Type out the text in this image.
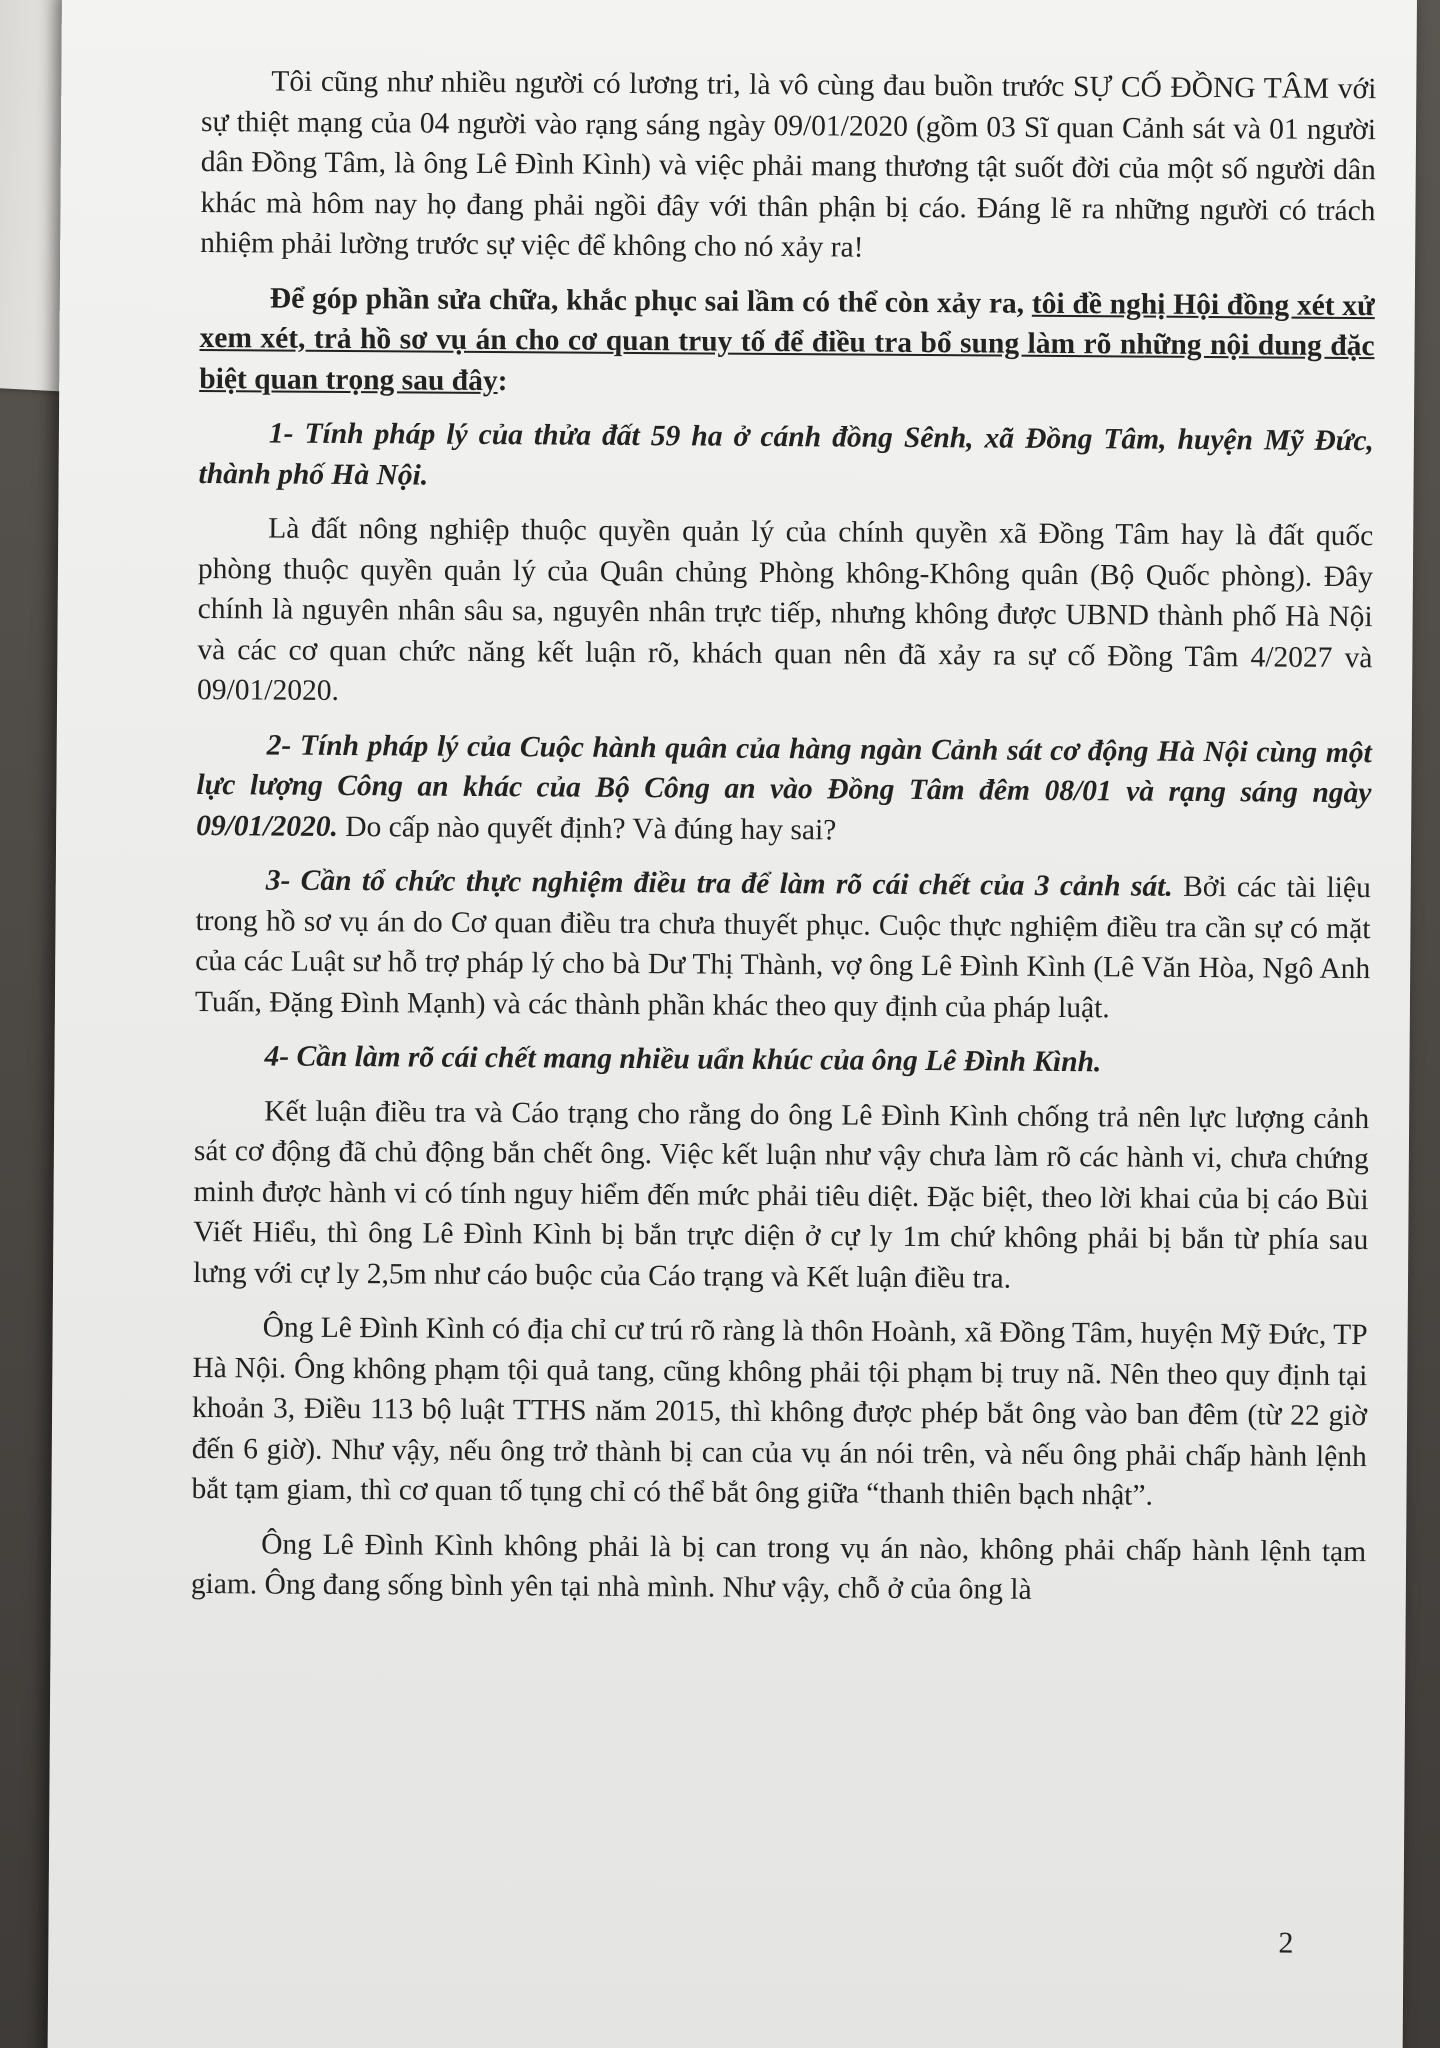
Tôi cũng như nhiều người có lương tri, là vô cùng đau buồn trước SỰ CỐ ĐỒNG TÂM với sự thiệt mạng của 04 người vào rạng sáng ngày 09/01/2020 (gồm 03 Sĩ quan Cảnh sát và 01 người dân Đồng Tâm, là ông Lê Đình Kình) và việc phải mang thương tật suốt đời của một số người dân khác mà hôm nay họ đang phải ngồi đây với thân phận bị cáo. Đáng lẽ ra những người có trách nhiệm phải lường trước sự việc để không cho nó xảy ra!

Để góp phần sửa chữa, khắc phục sai lầm có thể còn xảy ra, tôi đề nghị Hội đồng xét xử xem xét, trả hồ sơ vụ án cho cơ quan truy tố để điều tra bổ sung làm rõ những nội dung đặc biệt quan trọng sau đây:

1- Tính pháp lý của thửa đất 59 ha ở cánh đồng Sênh, xã Đồng Tâm, huyện Mỹ Đức, thành phố Hà Nội.

Là đất nông nghiệp thuộc quyền quản lý của chính quyền xã Đồng Tâm hay là đất quốc phòng thuộc quyền quản lý của Quân chủng Phòng không-Không quân (Bộ Quốc phòng). Đây chính là nguyên nhân sâu sa, nguyên nhân trực tiếp, nhưng không được UBND thành phố Hà Nội và các cơ quan chức năng kết luận rõ, khách quan nên đã xảy ra sự cố Đồng Tâm 4/2027 và 09/01/2020.

2- Tính pháp lý của Cuộc hành quân của hàng ngàn Cảnh sát cơ động Hà Nội cùng một lực lượng Công an khác của Bộ Công an vào Đồng Tâm đêm 08/01 và rạng sáng ngày 09/01/2020. Do cấp nào quyết định? Và đúng hay sai?

3- Cần tổ chức thực nghiệm điều tra để làm rõ cái chết của 3 cảnh sát. Bởi các tài liệu trong hồ sơ vụ án do Cơ quan điều tra chưa thuyết phục. Cuộc thực nghiệm điều tra cần sự có mặt của các Luật sư hỗ trợ pháp lý cho bà Dư Thị Thành, vợ ông Lê Đình Kình (Lê Văn Hòa, Ngô Anh Tuấn, Đặng Đình Mạnh) và các thành phần khác theo quy định của pháp luật.

4- Cần làm rõ cái chết mang nhiều uẩn khúc của ông Lê Đình Kình.

Kết luận điều tra và Cáo trạng cho rằng do ông Lê Đình Kình chống trả nên lực lượng cảnh sát cơ động đã chủ động bắn chết ông. Việc kết luận như vậy chưa làm rõ các hành vi, chưa chứng minh được hành vi có tính nguy hiểm đến mức phải tiêu diệt. Đặc biệt, theo lời khai của bị cáo Bùi Viết Hiểu, thì ông Lê Đình Kình bị bắn trực diện ở cự ly 1m chứ không phải bị bắn từ phía sau lưng với cự ly 2,5m như cáo buộc của Cáo trạng và Kết luận điều tra.

Ông Lê Đình Kình có địa chỉ cư trú rõ ràng là thôn Hoành, xã Đồng Tâm, huyện Mỹ Đức, TP Hà Nội. Ông không phạm tội quả tang, cũng không phải tội phạm bị truy nã. Nên theo quy định tại khoản 3, Điều 113 bộ luật TTHS năm 2015, thì không được phép bắt ông vào ban đêm (từ 22 giờ đến 6 giờ). Như vậy, nếu ông trở thành bị can của vụ án nói trên, và nếu ông phải chấp hành lệnh bắt tạm giam, thì cơ quan tố tụng chỉ có thể bắt ông giữa “thanh thiên bạch nhật”.

Ông Lê Đình Kình không phải là bị can trong vụ án nào, không phải chấp hành lệnh tạm giam. Ông đang sống bình yên tại nhà mình. Như vậy, chỗ ở của ông là

2
